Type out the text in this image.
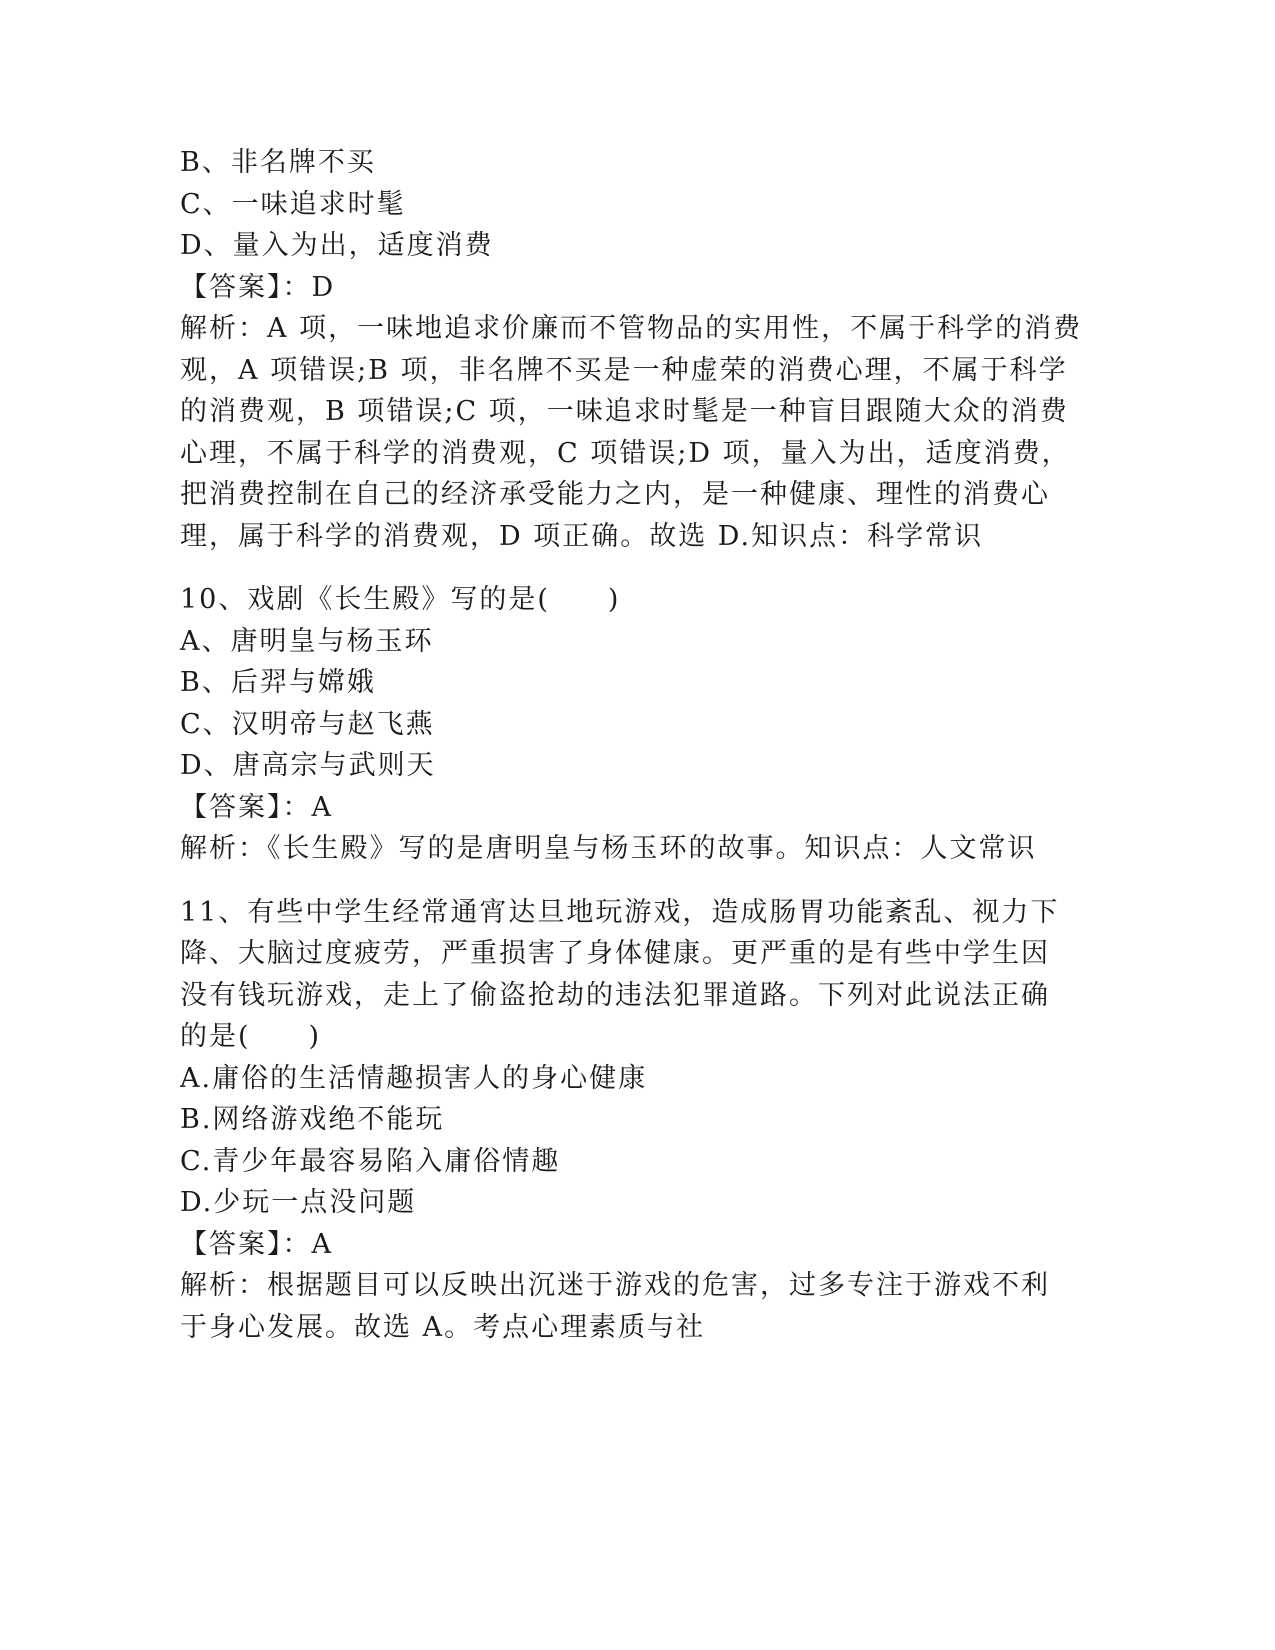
B、非名牌不买
C、一味追求时髦
D、量入为出，适度消费
【答案】：D
解析：A 项，一味地追求价廉而不管物品的实用性，不属于科学的消费
观，A 项错误;B 项，非名牌不买是一种虚荣的消费心理，不属于科学
的消费观，B 项错误;C 项，一味追求时髦是一种盲目跟随大众的消费
心理，不属于科学的消费观，C 项错误;D 项，量入为出，适度消费，
把消费控制在自己的经济承受能力之内，是一种健康、理性的消费心
理，属于科学的消费观，D 项正确。故选 D.知识点：科学常识
10、戏剧《长生殿》写的是(　　)
A、唐明皇与杨玉环
B、后羿与嫦娥
C、汉明帝与赵飞燕
D、唐高宗与武则天
【答案】：A
解析：《长生殿》写的是唐明皇与杨玉环的故事。知识点：人文常识
11、有些中学生经常通宵达旦地玩游戏，造成肠胃功能紊乱、视力下
降、大脑过度疲劳，严重损害了身体健康。更严重的是有些中学生因
没有钱玩游戏，走上了偷盗抢劫的违法犯罪道路。下列对此说法正确
的是(　　)
A.庸俗的生活情趣损害人的身心健康
B.网络游戏绝不能玩
C.青少年最容易陷入庸俗情趣
D.少玩一点没问题
【答案】：A
解析：根据题目可以反映出沉迷于游戏的危害，过多专注于游戏不利
于身心发展。故选 A。考点心理素质与社
